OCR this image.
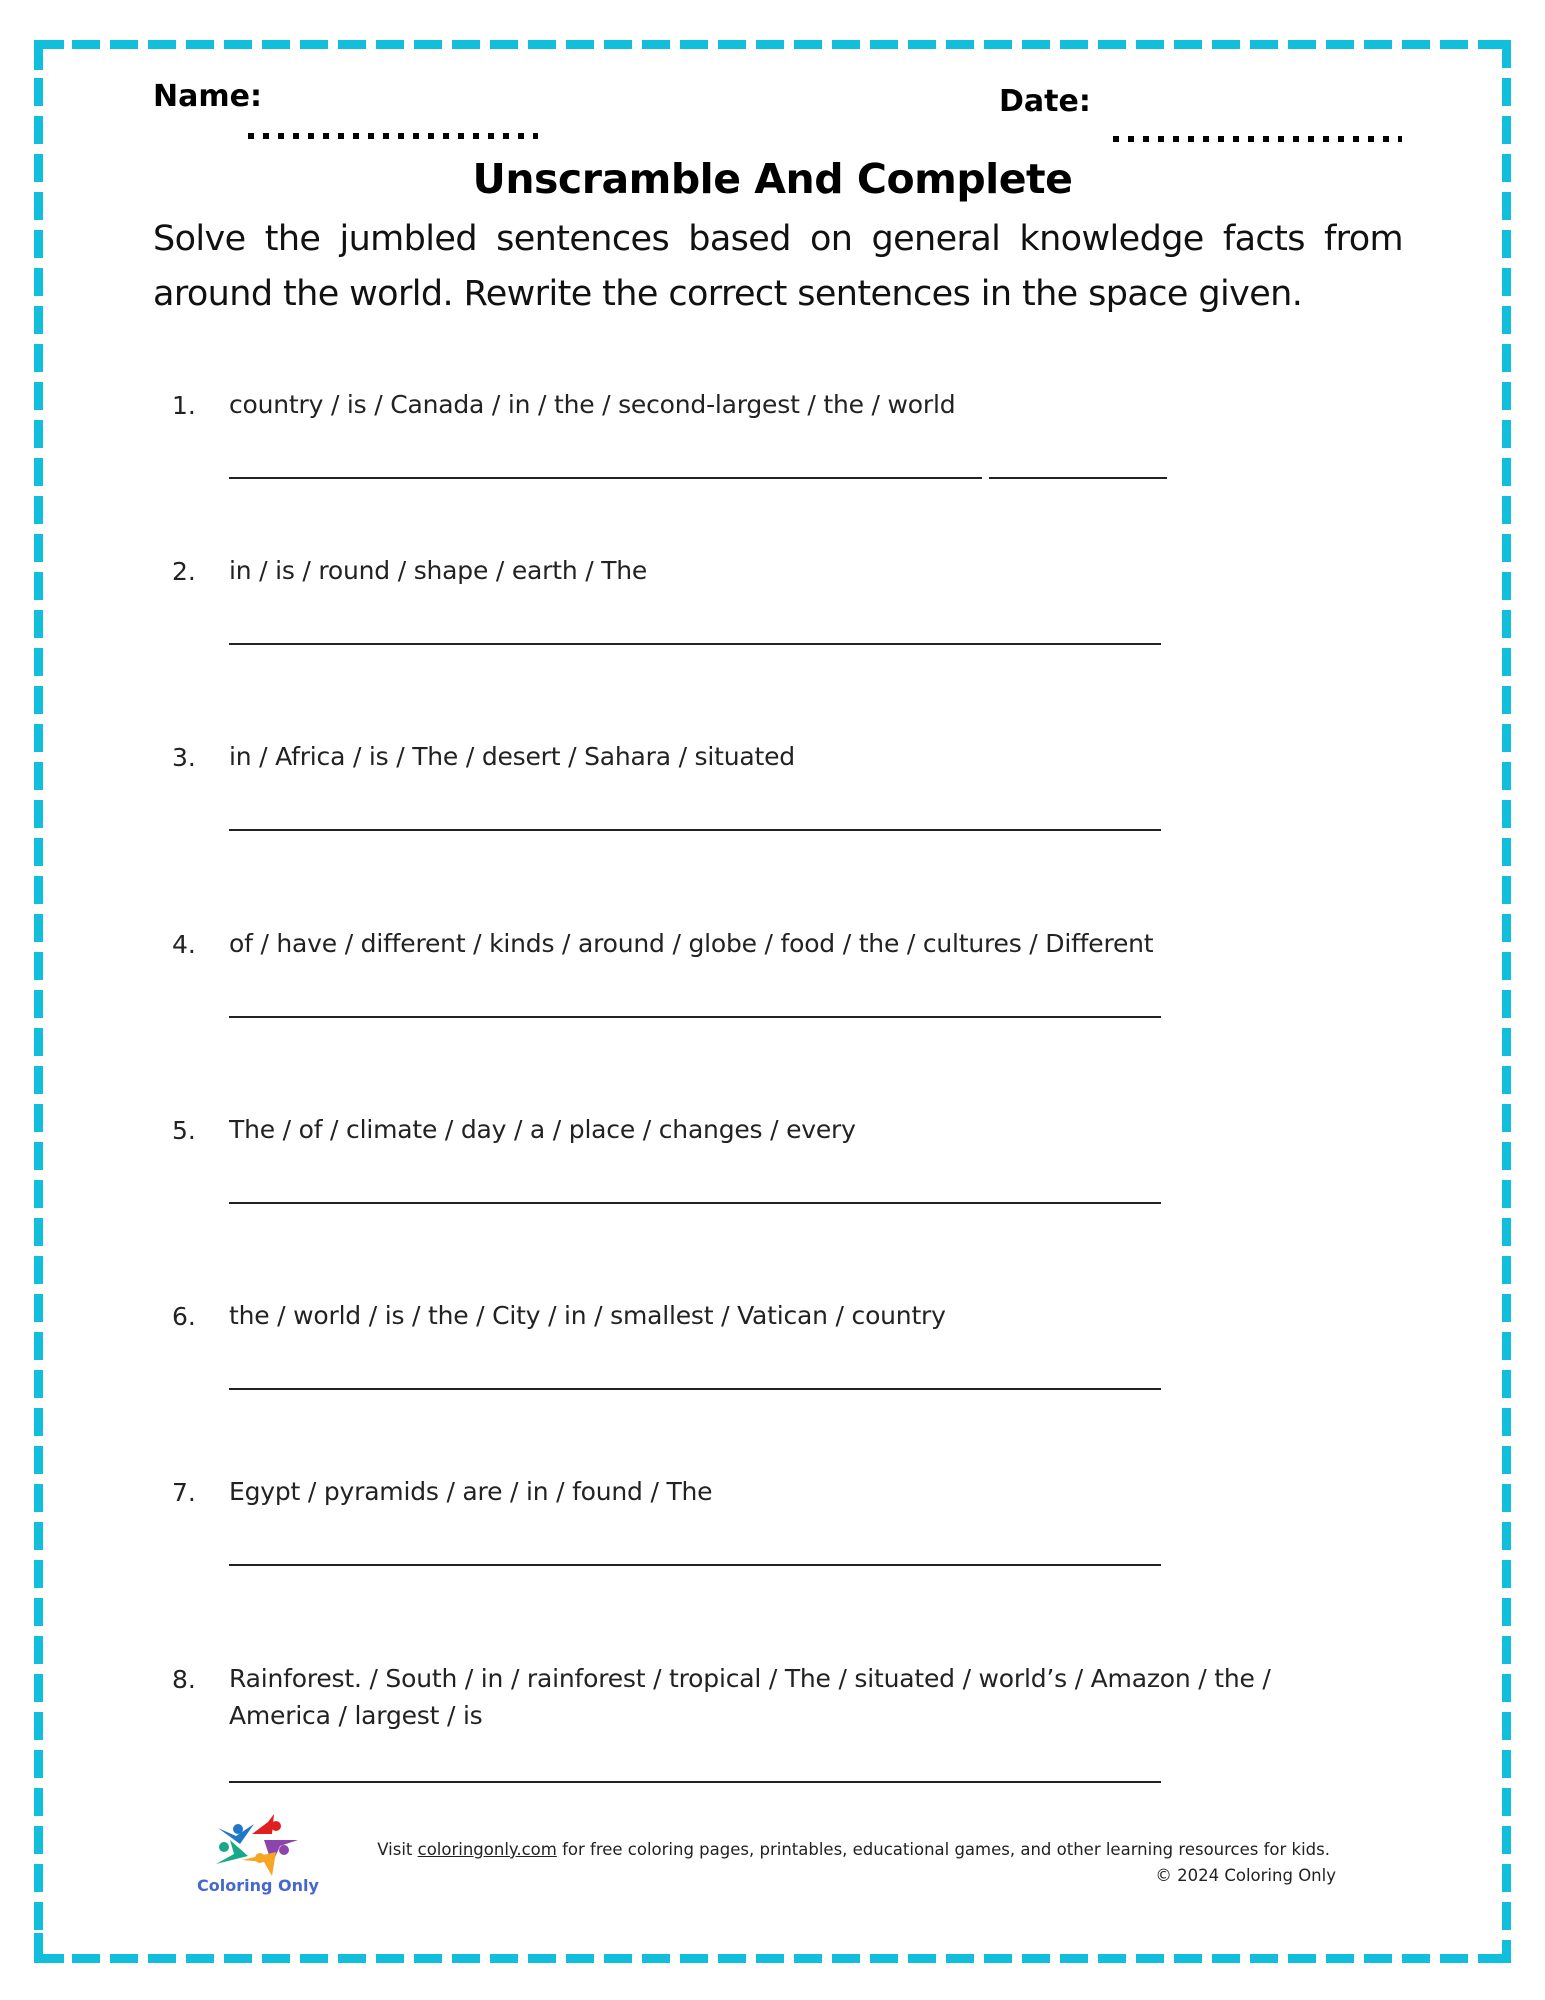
Name:	Date:
Unscramble And Complete
Solve the jumbled sentences based on general knowledge facts from around the world. Rewrite the correct sentences in the space given.
1. country / is / Canada / in / the / second-largest / the / world
2. in / is / round / shape / earth / The
3. in / Africa / is / The / desert / Sahara / situated
4. of / have / different / kinds / around / globe / food / the / cultures / Different
5. The / of / climate / day / a / place / changes / every
6. the / world / is / the / City / in / smallest / Vatican / country
7. Egypt / pyramids / are / in / found / The
8. Rainforest. / South / in / rainforest / tropical / The / situated / world’s / Amazon / the / America / largest / is
Coloring Only
Visit coloringonly.com for free coloring pages, printables, educational games, and other learning resources for kids.
© 2024 Coloring Only
